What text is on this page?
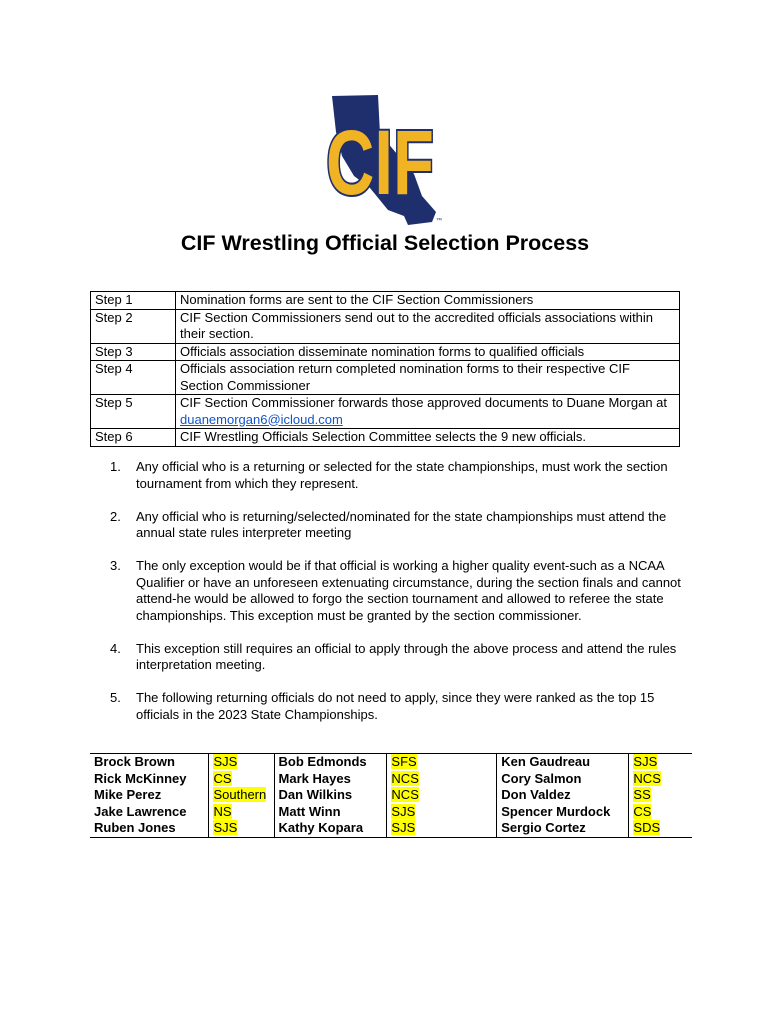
CIF
™
CIF Wrestling Official Selection Process
Step 1	Nomination forms are sent to the CIF Section Commissioners
Step 2	CIF Section Commissioners send out to the accredited officials associations within their section.
Step 3	Officials association disseminate nomination forms to qualified officials
Step 4	Officials association return completed nomination forms to their respective CIF Section Commissioner
Step 5	CIF Section Commissioner forwards those approved documents to Duane Morgan at duanemorgan6@icloud.com
Step 6	CIF Wrestling Officials Selection Committee selects the 9 new officials.
1. Any official who is a returning or selected for the state championships, must work the section tournament from which they represent.
2. Any official who is returning/selected/nominated for the state championships must attend the annual state rules interpreter meeting
3. The only exception would be if that official is working a higher quality event-such as a NCAA Qualifier or have an unforeseen extenuating circumstance, during the section finals and cannot attend-he would be allowed to forgo the section tournament and allowed to referee the state championships. This exception must be granted by the section commissioner.
4. This exception still requires an official to apply through the above process and attend the rules interpretation meeting.
5. The following returning officials do not need to apply, since they were ranked as the top 15 officials in the 2023 State Championships.
Brock Brown	SJS	Bob Edmonds	SFS	Ken Gaudreau	SJS
Rick McKinney	CS	Mark Hayes	NCS	Cory Salmon	NCS
Mike Perez	Southern	Dan Wilkins	NCS	Don Valdez	SS
Jake Lawrence	NS	Matt Winn	SJS	Spencer Murdock	CS
Ruben Jones	SJS	Kathy Kopara	SJS	Sergio Cortez	SDS
